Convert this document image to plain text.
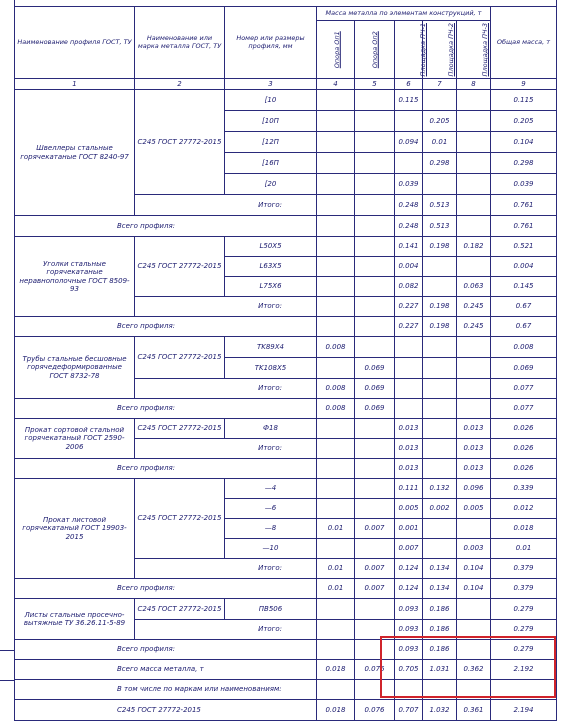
Наименование профиля ГОСТ, ТУ	Наименование или марка металла ГОСТ, ТУ	Номер или размеры профиля, мм	Масса металла по элементам конструкций, т					Общая масса, т
			Опора Оп1	Опора Оп2	Площадка ПЧ-1	Площадка ПЧ-2	Площадка ПЧ-3	
1	2	3	4	5	6	7	8	9
Швеллеры стальные горячекатаные ГОСТ 8240-97	С245 ГОСТ 27772-2015	[10			0.115			0.115
		[10П				0.205		0.205
		[12П			0.094	0.01		0.104
		[16П				0.298		0.298
		[20			0.039			0.039
	Итого:				0.248	0.513		0.761
Всего профиля:					0.248	0.513		0.761
Уголки стальные горячекатаные неравнополочные ГОСТ 8509-93	С245 ГОСТ 27772-2015	L50X5			0.141	0.198	0.182	0.521
		L63X5			0.004			0.004
		L75X6			0.082		0.063	0.145
	Итого:				0.227	0.198	0.245	0.67
Всего профиля:					0.227	0.198	0.245	0.67
Трубы стальные бесшовные горячедеформированные ГОСТ 8732-78	С245 ГОСТ 27772-2015	TK89X4	0.008					0.008
		TK108X5		0.069				0.069
	Итого:		0.008	0.069				0.077
Всего профиля:			0.008	0.069				0.077
Прокат сортовой стальной горячекатаный ГОСТ 2590-2006	С245 ГОСТ 27772-2015	Ф18			0.013		0.013	0.026
	Итого:				0.013		0.013	0.026
Всего профиля:					0.013		0.013	0.026
Прокат листовой горячекатаный ГОСТ 19903-2015	С245 ГОСТ 27772-2015	—4			0.111	0.132	0.096	0.339
		—6			0.005	0.002	0.005	0.012
		—8	0.01	0.007	0.001			0.018
		—10			0.007		0.003	0.01
	Итого:		0.01	0.007	0.124	0.134	0.104	0.379
Всего профиля:			0.01	0.007	0.124	0.134	0.104	0.379
Листы стальные просечно-вытяжные ТУ 36.26.11-5-89	С245 ГОСТ 27772-2015	ПВ506			0.093	0.186		0.279
	Итого:				0.093	0.186		0.279
Всего профиля:					0.093	0.186		0.279
Всего масса металла, т			0.018	0.076	0.705	1.031	0.362	2.192
В том числе по маркам или наименованиям:								
С245 ГОСТ 27772-2015			0.018	0.076	0.707	1.032	0.361	2.194
